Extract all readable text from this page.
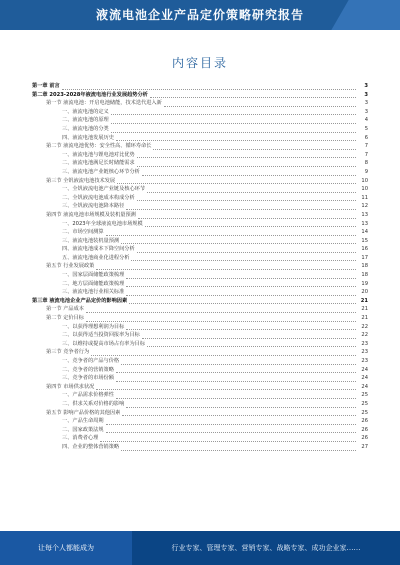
液流电池企业产品定价策略研究报告
内容目录
第一章 前言	3
第二章 2023-2028年液流电池行业发展趋势分析	3
第一节 液流电池：开启电池储能，技术迭代进入新	3
一、液流电池的定义	3
二、液流电池的原理	4
三、液流电池的分类	5
四、液流电池发展历史	6
第二节 液流电池优势：安全性高、循环寿命长	7
一、液流电池与锂电池对比优势	7
二、液流电池满足长时储能需求	8
三、液流电池产业链核心环节分析	9
第三节 全钒液流电池技术发展	10
一、全钒液流电池产业链及核心环节	10
二、全钒液流电池成本构成分析	11
三、全钒液流电池降本路径	12
第四节 液流电池市场规模及装机量预测	13
一、2023年全球液流电池市场规模	13
二、市场空间测算	14
三、液流电池装机量预测	15
四、液流电池成本下降空间分析	16
五、液流电池商业化进程分析	17
第五节 行业发展政策	18
一、国家层面储能政策梳理	18
二、地方层面储能政策梳理	19
三、液流电池行业相关标准	20
第三章 液流电池企业产品定价的影响因素	21
第一节 产品成本	21
第二节 定价目标	21
一、以获得理想利润为目标	22
二、以获得适当投资回报率为目标	22
三、以维持或提高市场占有率为目标	23
第三节 竞争者行为	23
一、竞争者的产品与价格	23
二、竞争者的营销策略	24
三、竞争者的市场份额	24
第四节 市场供求状况	24
一、产品需求价格弹性	25
二、供求关系对价格的影响	25
第五节 影响产品价格的其他因素	25
一、产品生命周期	26
二、国家政策法规	26
三、消费者心理	26
四、企业的整体营销策略	27
让每个人都能成为	行业专家、管理专家、营销专家、战略专家、成功企业家……
